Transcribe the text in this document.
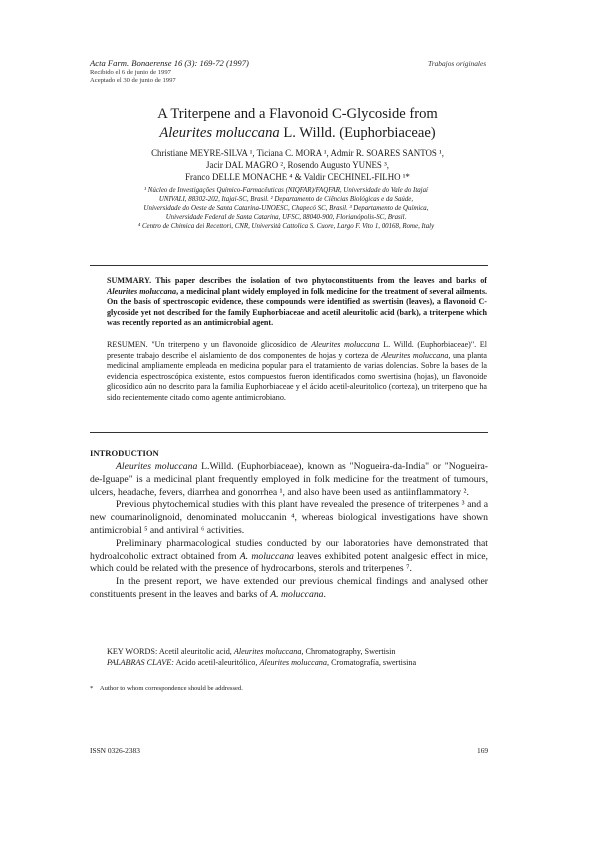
Acta Farm. Bonaerense 16 (3): 169-72 (1997)
Recibido el 6 de junio de 1997
Aceptado el 30 de junio de 1997
Trabajos originales
A Triterpene and a Flavonoid C-Glycoside from
Aleurites moluccana L. Willd. (Euphorbiaceae)
Christiane MEYRE-SILVA ¹, Ticiana C. MORA ¹, Admir R. SOARES SANTOS ¹,
Jacir DAL MAGRO ², Rosendo Augusto YUNES ³,
Franco DELLE MONACHE ⁴ & Valdir CECHINEL-FILHO ¹*
¹ Núcleo de Investigações Químico-Farmacêuticas (NIQFAR)/FAQFAR, Universidade do Vale do Itajaí
UNIVALI, 88302-202, Itajaí-SC, Brasil. ² Departamento de Ciências Biológicas e da Saúde,
Universidade do Oeste de Santa Catarina-UNOESC, Chapecó SC, Brasil. ³ Departamento de Química,
Universidade Federal de Santa Catarina, UFSC, 88040-900, Florianópolis-SC, Brasil.
⁴ Centro de Chimica dei Recettori, CNR, Università Cattolica S. Cuore, Largo F. Vito 1, 00168, Rome, Italy
SUMMARY. This paper describes the isolation of two phytoconstituents from the leaves and barks of Aleurites moluccana, a medicinal plant widely employed in folk medicine for the treatment of several ailments. On the basis of spectroscopic evidence, these compounds were identified as swertisin (leaves), a flavonoid C-glycoside yet not described for the family Euphorbiaceae and acetil aleuritolic acid (bark), a triterpene which was recently reported as an antimicrobial agent.
RESUMEN. "Un triterpeno y un flavonoide glicosídico de Aleurites moluccana L. Willd. (Euphorbiaceae)". El presente trabajo describe el aislamiento de dos componentes de hojas y corteza de Aleurites moluccana, una planta medicinal ampliamente empleada en medicina popular para el tratamiento de varias dolencias. Sobre la bases de la evidencia espectroscópica existente, estos compuestos fueron identificados como swertisina (hojas), un flavonoide glicosídico aún no descrito para la familia Euphorbiaceae y el ácido acetil-aleuritolico (corteza), un triterpeno que ha sido recientemente citado como agente antimicrobiano.
INTRODUCTION

Aleurites moluccana L.Willd. (Euphorbiaceae), known as "Nogueira-da-India" or "Nogueira-de-Iguape" is a medicinal plant frequently employed in folk medicine for the treatment of tumours, ulcers, headache, fevers, diarrhea and gonorrhea ¹, and also have been used as antiinflammatory ².

Previous phytochemical studies with this plant have revealed the presence of triterpenes ³ and a new coumarinolignoid, denominated moluccanin ⁴, whereas biological investigations have shown antimicrobial ⁵ and antiviral ⁶ activities.

Preliminary pharmacological studies conducted by our laboratories have demonstrated that hydroalcoholic extract obtained from A. moluccana leaves exhibited potent analgesic effect in mice, which could be related with the presence of hydrocarbons, sterols and triterpenes ⁷.

In the present report, we have extended our previous chemical findings and analysed other constituents present in the leaves and barks of A. moluccana.

KEY WORDS: Acetil aleuritolic acid, Aleurites moluccana, Chromatography, Swertisin
PALABRAS CLAVE: Acido acetil-aleuritólico, Aleurites moluccana, Cromatografía, swertisina
* Author to whom correspondence should be addressed.
ISSN 0326-2383	169
